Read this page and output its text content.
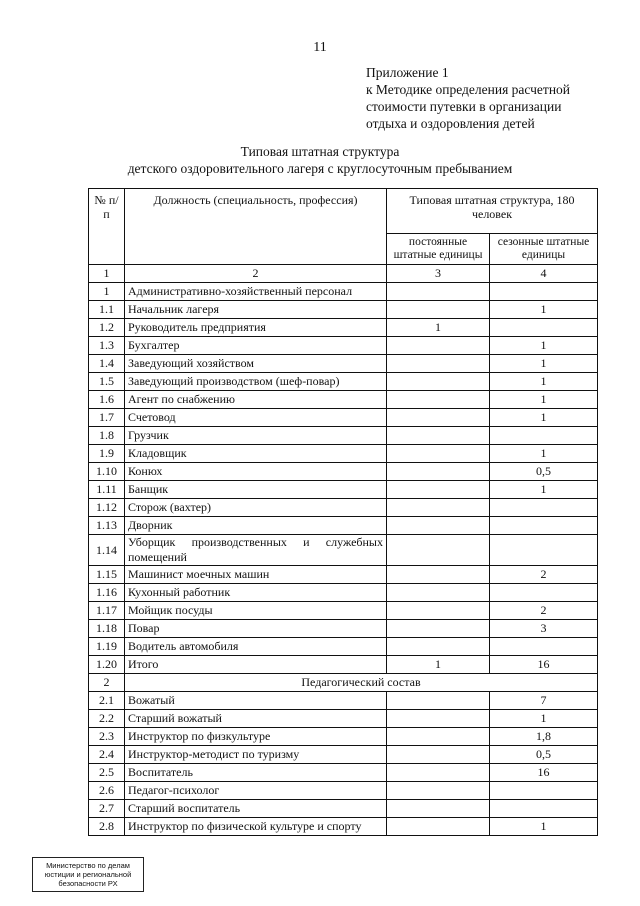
11
Приложение 1
к Методике определения расчетной
стоимости путевки в организации
отдыха и оздоровления детей
Типовая штатная структура
детского оздоровительного лагеря с круглосуточным пребыванием
№ п/п	Должность (специальность, профессия)	Типовая штатная структура, 180 человек	
		постоянные штатные единицы	сезонные штатные единицы
1	2	3	4
1	Административно-хозяйственный персонал		
1.1	Начальник лагеря		1
1.2	Руководитель предприятия	1	
1.3	Бухгалтер		1
1.4	Заведующий хозяйством		1
1.5	Заведующий производством (шеф-повар)		1
1.6	Агент по снабжению		1
1.7	Счетовод		1
1.8	Грузчик		
1.9	Кладовщик		1
1.10	Конюх		0,5
1.11	Банщик		1
1.12	Сторож (вахтер)		
1.13	Дворник		
1.14	Уборщик производственных и служебных помещений		
1.15	Машинист моечных машин		2
1.16	Кухонный работник		
1.17	Мойщик посуды		2
1.18	Повар		3
1.19	Водитель автомобиля		
1.20	Итого	1	16
2	Педагогический состав		
2.1	Вожатый		7
2.2	Старший вожатый		1
2.3	Инструктор по физкультуре		1,8
2.4	Инструктор-методист по туризму		0,5
2.5	Воспитатель		16
2.6	Педагог-психолог		
2.7	Старший воспитатель		
2.8	Инструктор по физической культуре и спорту		1
Министерство по делам
юстиции и региональной
безопасности РХ
